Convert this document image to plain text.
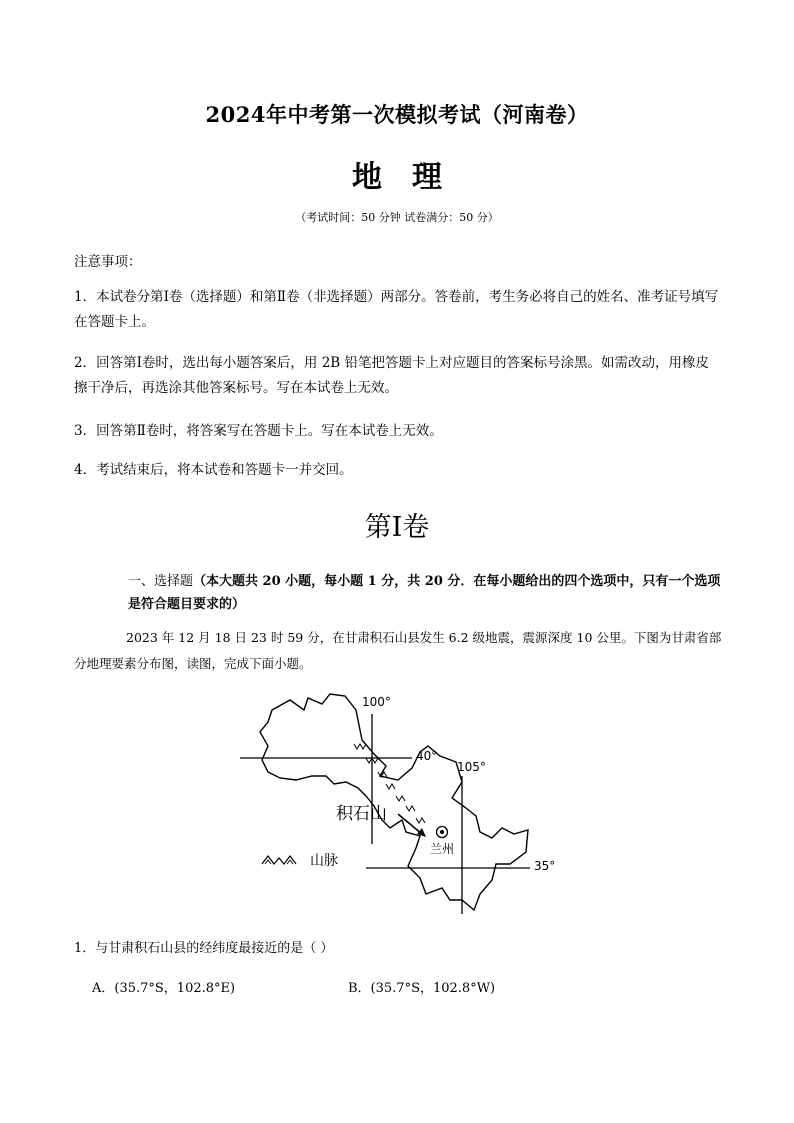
2024年中考第一次模拟考试（河南卷）
地理
（考试时间：50 分钟 试卷满分：50 分）
注意事项：
1．本试卷分第Ⅰ卷（选择题）和第Ⅱ卷（非选择题）两部分。答卷前，考生务必将自己的姓名、准考证号填写在答题卡上。
2．回答第Ⅰ卷时，选出每小题答案后，用 2B 铅笔把答题卡上对应题目的答案标号涂黑。如需改动，用橡皮擦干净后，再选涂其他答案标号。写在本试卷上无效。
3．回答第Ⅱ卷时，将答案写在答题卡上。写在本试卷上无效。
4．考试结束后，将本试卷和答题卡一并交回。
第Ⅰ卷
一、选择题（本大题共 20 小题，每小题 1 分，共 20 分．在每小题给出的四个选项中，只有一个选项是符合题目要求的）
2023 年 12 月 18 日 23 时 59 分，在甘肃积石山县发生 6.2 级地震，震源深度 10 公里。下图为甘肃省部分地理要素分布图，读图，完成下面小题。
100°
105°
40°
35°
积石山
兰州
山脉
1．与甘肃积石山县的经纬度最接近的是（ ）
A．(35.7°S，102.8°E)	B．(35.7°S，102.8°W)
